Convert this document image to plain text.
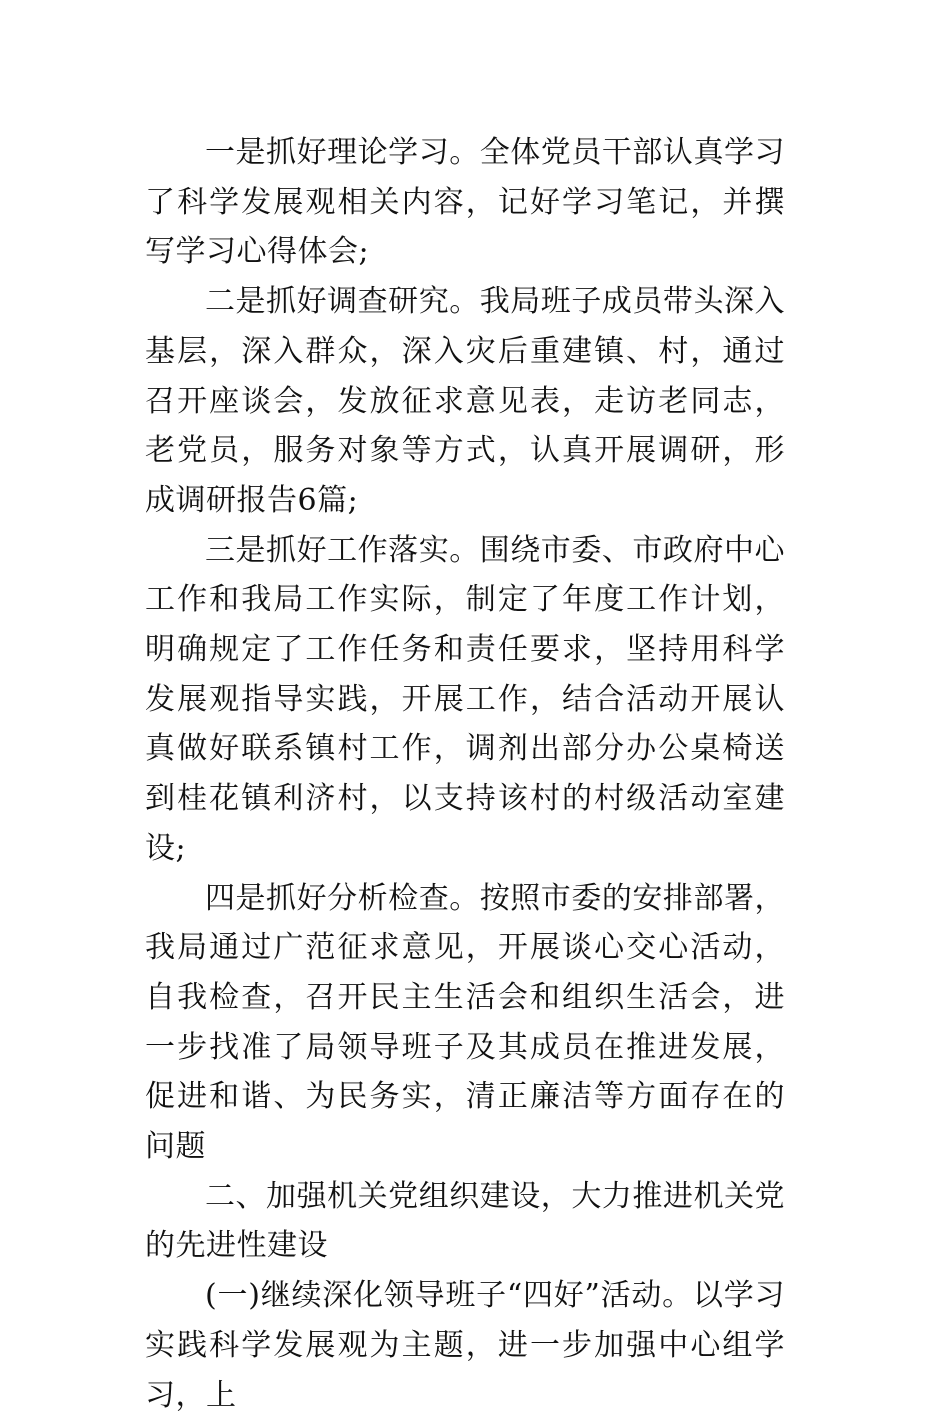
一是抓好理论学习。全体党员干部认真学习了科学发展观相关内容，记好学习笔记，并撰写学习心得体会;

二是抓好调查研究。我局班子成员带头深入基层，深入群众，深入灾后重建镇、村，通过召开座谈会，发放征求意见表，走访老同志，老党员，服务对象等方式，认真开展调研，形成调研报告6篇;

三是抓好工作落实。围绕市委、市政府中心工作和我局工作实际，制定了年度工作计划，明确规定了工作任务和责任要求，坚持用科学发展观指导实践，开展工作，结合活动开展认真做好联系镇村工作，调剂出部分办公桌椅送到桂花镇利济村，以支持该村的村级活动室建设;

四是抓好分析检查。按照市委的安排部署，我局通过广范征求意见，开展谈心交心活动，自我检查，召开民主生活会和组织生活会，进一步找准了局领导班子及其成员在推进发展，促进和谐、为民务实，清正廉洁等方面存在的问题

二、加强机关党组织建设，大力推进机关党的先进性建设

(一)继续深化领导班子“四好”活动。以学习实践科学发展观为主题，进一步加强中心组学习，上
